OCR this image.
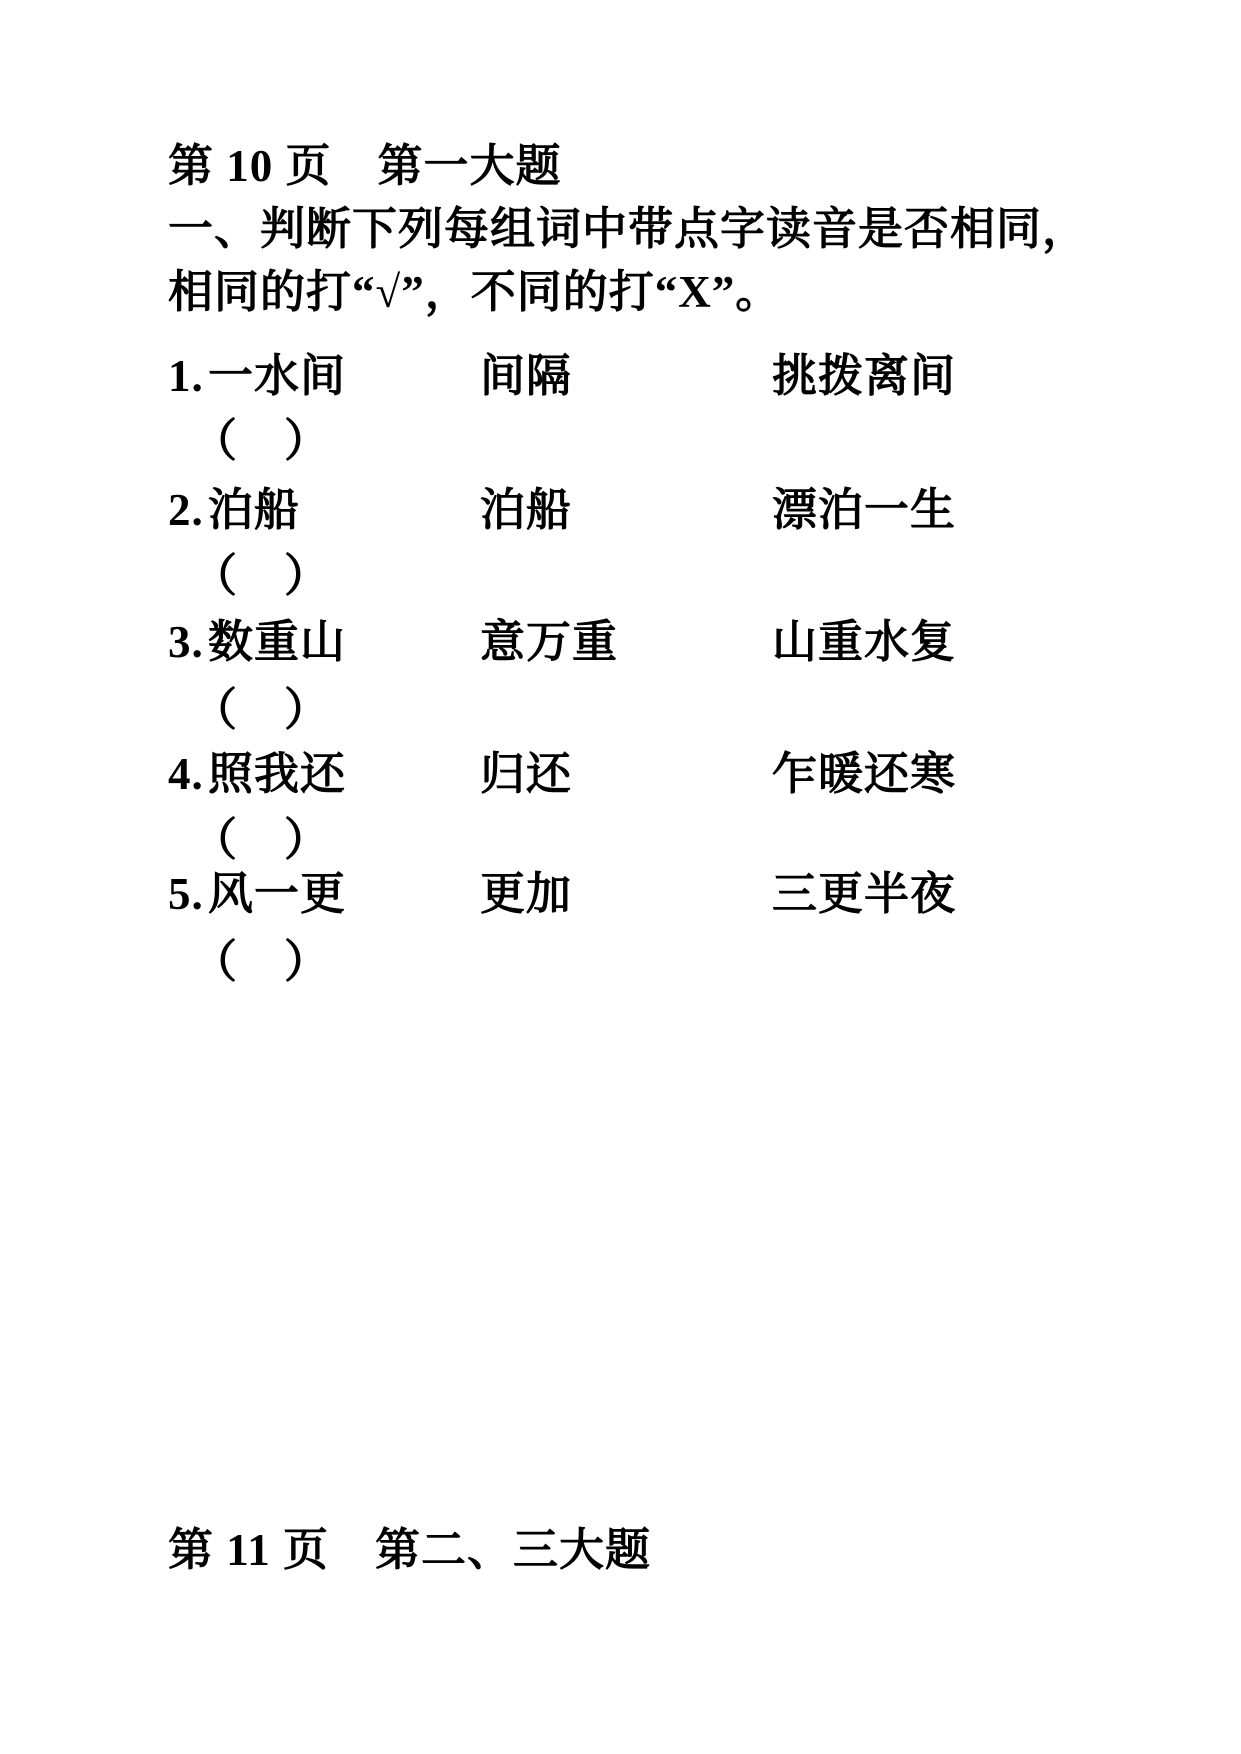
第 10 页　第一大题
一、判断下列每组词中带点字读音是否相同，
相同的打“√”，不同的打“X”。
1.一水间	间隔	挑拨离间
（　）
2.泊船	泊船	漂泊一生
（　）
3.数重山	意万重	山重水复
（　）
4.照我还	归还	乍暖还寒
（　）
5.风一更	更加	三更半夜
（　）
第 11 页　第二、三大题
